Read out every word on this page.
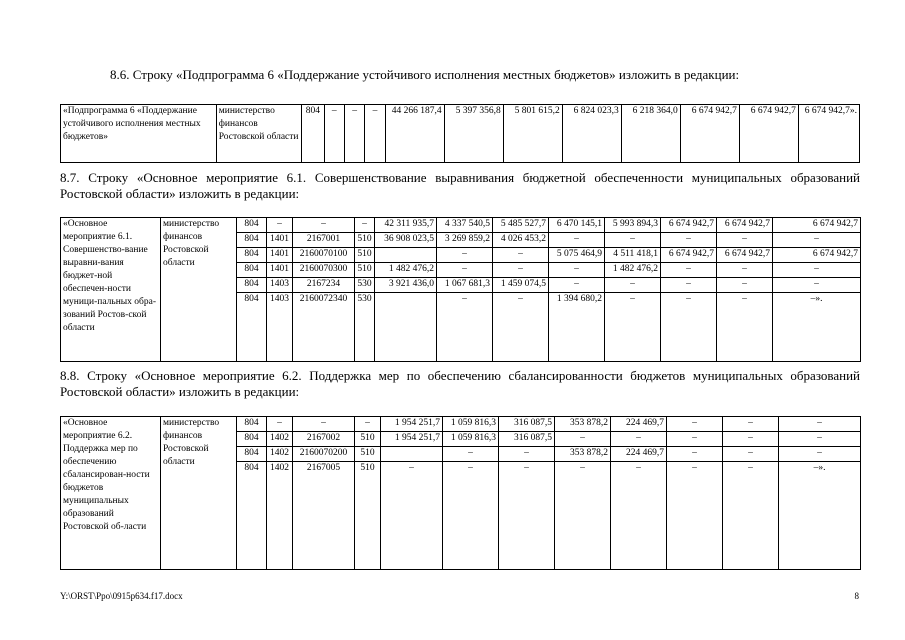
8.6. Строку «Подпрограмма 6 «Поддержание устойчивого исполнения местных бюджетов» изложить в редакции:
«Подпрограмма 6 «Поддержание устойчивого исполнения местных бюджетов»	министерство финансов Ростовской области	804	–	–	–	44 266 187,4	5 397 356,8	5 801 615,2	6 824 023,3	6 218 364,0	6 674 942,7	6 674 942,7	6 674 942,7».
8.7. Строку «Основное мероприятие 6.1. Совершенствование выравнивания бюджетной обеспеченности муниципальных образований Ростовской области» изложить в редакции:
«Основное мероприятие 6.1. Совершенство-вание выравни-вания бюджет-ной обеспечен-ности муници-пальных обра-зований Ростов-ской области	министерство финансов Ростовской области	804	–	–	–	42 311 935,7	4 337 540,5	5 485 527,7	6 470 145,1	5 993 894,3	6 674 942,7	6 674 942,7	6 674 942,7
		804	1401	2167001	510	36 908 023,5	3 269 859,2	4 026 453,2	–	–	–	–	–
		804	1401	2160070100	510		–	–	5 075 464,9	4 511 418,1	6 674 942,7	6 674 942,7	6 674 942,7
		804	1401	2160070300	510	1 482 476,2	–	–	–	1 482 476,2	–	–	–
		804	1403	2167234	530	3 921 436,0	1 067 681,3	1 459 074,5	–	–	–	–	–
		804	1403	2160072340	530		–	–	1 394 680,2	–	–	–	–».
8.8. Строку «Основное мероприятие 6.2. Поддержка мер по обеспечению сбалансированности бюджетов муниципальных образований Ростовской области» изложить в редакции:
«Основное мероприятие 6.2. Поддержка мер по обеспечению сбалансирован-ности бюджетов муниципальных образований Ростовской об-ласти	министерство финансов Ростовской области	804	–	–	–	1 954 251,7	1 059 816,3	316 087,5	353 878,2	224 469,7	–	–	–
		804	1402	2167002	510	1 954 251,7	1 059 816,3	316 087,5	–	–	–	–	–
		804	1402	2160070200	510		–	–	353 878,2	224 469,7	–	–	–
		804	1402	2167005	510	–	–	–	–	–	–	–	–».
Y:\ORST\Ppo\0915p634.f17.docx	8
